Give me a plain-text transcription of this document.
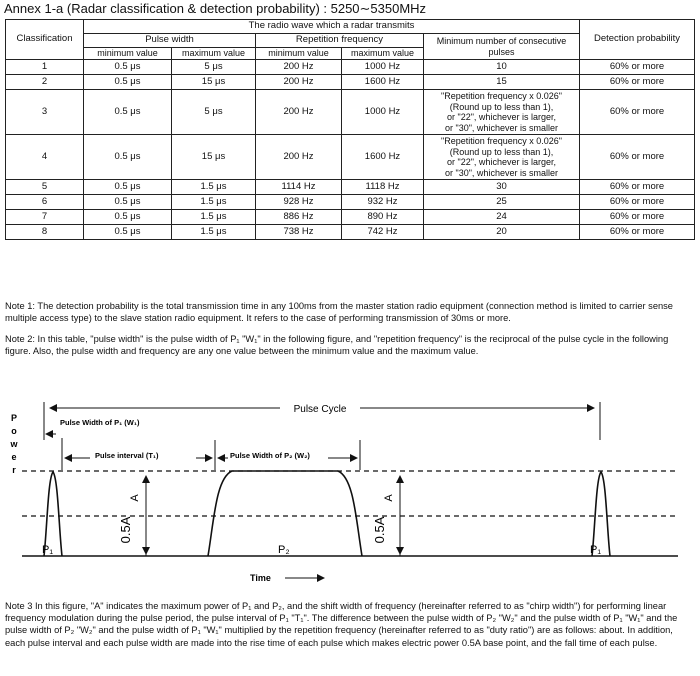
Annex 1-a (Radar classification & detection probability) : 5250∼5350MHz
Classification	The radio wave which a radar transmits					Detection probability
	Pulse width		Repetition frequency		Minimum number of consecutive pulses	
	minimum value	maximum value	minimum value	maximum value		
1	0.5 μs	5 μs	200 Hz	1000 Hz	10	60% or more
2	0.5 μs	15 μs	200 Hz	1600 Hz	15	60% or more
3	0.5 μs	5 μs	200 Hz	1000 Hz	"Repetition frequency x 0.026"
(Round up to less than 1),
or "22", whichever is larger,
or "30", whichever is smaller	60% or more
4	0.5 μs	15 μs	200 Hz	1600 Hz	"Repetition frequency x 0.026"
(Round up to less than 1),
or "22", whichever is larger,
or "30", whichever is smaller	60% or more
5	0.5 μs	1.5 μs	1114 Hz	1118 Hz	30	60% or more
6	0.5 μs	1.5 μs	928 Hz	932 Hz	25	60% or more
7	0.5 μs	1.5 μs	886 Hz	890 Hz	24	60% or more
8	0.5 μs	1.5 μs	738 Hz	742 Hz	20	60% or more
Note 1: The detection probability is the total transmission time in any 100ms from the master station radio equipment (connection method is limited to carrier sense multiple access type) to the slave station radio equipment. It refers to the case of performing transmission of 30ms or more.
Note 2: In this table, "pulse width" is the pulse width of P₁ "W₁" in the following figure, and "repetition frequency" is the reciprocal of the pulse cycle in the following figure. Also, the pulse width and frequency are any one value between the minimum value and the maximum value.
P
o
w
e
r
Pulse Cycle
Pulse Width of P₁ (W₁)
Pulse interval (T₁)	Pulse Width of P₂ (W₂)
0.5A
A
0.5A
A
P₁	P₂	P₁
Time
Note 3 In this figure, "A" indicates the maximum power of P₁ and P₂, and the shift width of frequency (hereinafter referred to as "chirp width") for performing linear frequency modulation during the pulse period, the pulse interval of P₁ "T₁". The difference between the pulse width of P₂ "W₂" and the pulse width of P₁ "W₁" and the pulse width of P₂ "W₂" and the pulse width of P₁ "W₁" multiplied by the repetition frequency (hereinafter referred to as "duty ratio") are as follows: about. In addition, each pulse interval and each pulse width are made into the rise time of each pulse which makes electric power 0.5A base point, and the fall time of each pulse.
